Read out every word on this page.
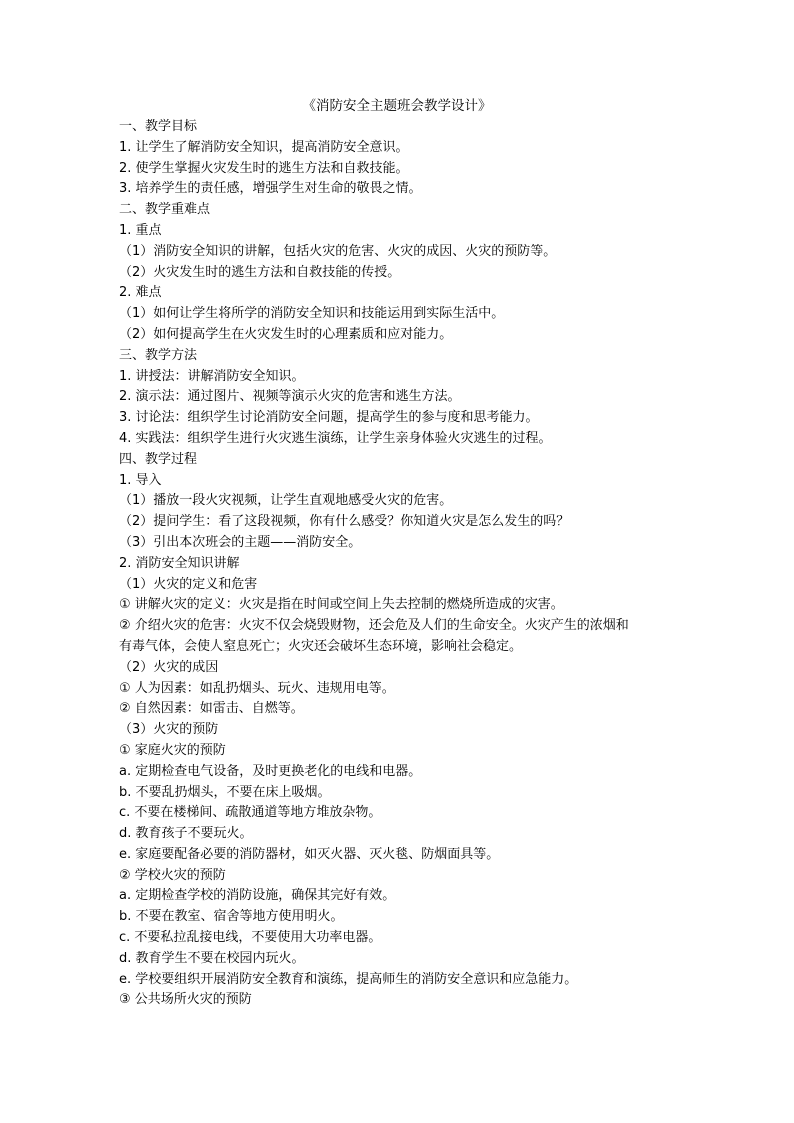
《消防安全主题班会教学设计》
一、教学目标
1. 让学生了解消防安全知识，提高消防安全意识。
2. 使学生掌握火灾发生时的逃生方法和自救技能。
3. 培养学生的责任感，增强学生对生命的敬畏之情。
二、教学重难点
1. 重点
（1）消防安全知识的讲解，包括火灾的危害、火灾的成因、火灾的预防等。
（2）火灾发生时的逃生方法和自救技能的传授。
2. 难点
（1）如何让学生将所学的消防安全知识和技能运用到实际生活中。
（2）如何提高学生在火灾发生时的心理素质和应对能力。
三、教学方法
1. 讲授法：讲解消防安全知识。
2. 演示法：通过图片、视频等演示火灾的危害和逃生方法。
3. 讨论法：组织学生讨论消防安全问题，提高学生的参与度和思考能力。
4. 实践法：组织学生进行火灾逃生演练，让学生亲身体验火灾逃生的过程。
四、教学过程
1. 导入
（1）播放一段火灾视频，让学生直观地感受火灾的危害。
（2）提问学生：看了这段视频，你有什么感受？你知道火灾是怎么发生的吗？
（3）引出本次班会的主题——消防安全。
2. 消防安全知识讲解
（1）火灾的定义和危害
① 讲解火灾的定义：火灾是指在时间或空间上失去控制的燃烧所造成的灾害。
② 介绍火灾的危害：火灾不仅会烧毁财物，还会危及人们的生命安全。火灾产生的浓烟和
有毒气体，会使人窒息死亡；火灾还会破坏生态环境，影响社会稳定。
（2）火灾的成因
① 人为因素：如乱扔烟头、玩火、违规用电等。
② 自然因素：如雷击、自燃等。
（3）火灾的预防
① 家庭火灾的预防
a. 定期检查电气设备，及时更换老化的电线和电器。
b. 不要乱扔烟头，不要在床上吸烟。
c. 不要在楼梯间、疏散通道等地方堆放杂物。
d. 教育孩子不要玩火。
e. 家庭要配备必要的消防器材，如灭火器、灭火毯、防烟面具等。
② 学校火灾的预防
a. 定期检查学校的消防设施，确保其完好有效。
b. 不要在教室、宿舍等地方使用明火。
c. 不要私拉乱接电线，不要使用大功率电器。
d. 教育学生不要在校园内玩火。
e. 学校要组织开展消防安全教育和演练，提高师生的消防安全意识和应急能力。
③ 公共场所火灾的预防
